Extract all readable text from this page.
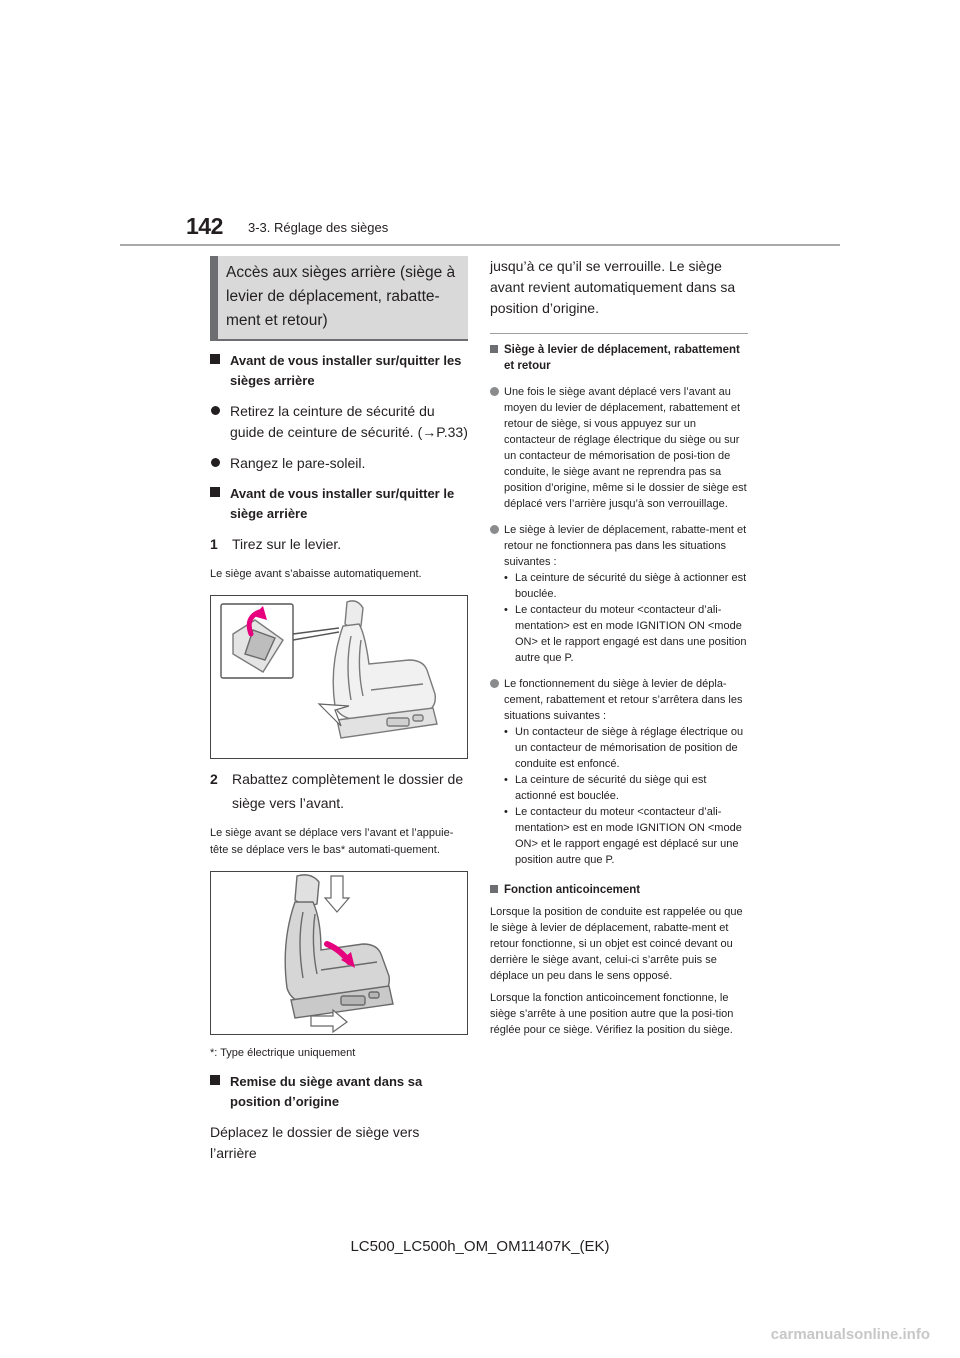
142 3-3. Réglage des sièges
Accès aux sièges arrière (siège à levier de déplacement, rabatte-ment et retour)
Avant de vous installer sur/quitter les sièges arrière
Retirez la ceinture de sécurité du guide de ceinture de sécurité. (→P.33)
Rangez le pare-soleil.
Avant de vous installer sur/quitter le siège arrière
1 Tirez sur le levier.
Le siège avant s’abaisse automatiquement.
2 Rabattez complètement le dossier de siège vers l’avant.
Le siège avant se déplace vers l’avant et l’appuie-tête se déplace vers le bas* automati-quement.
*: Type électrique uniquement
Remise du siège avant dans sa position d’origine
Déplacez le dossier de siège vers l’arrière
jusqu’à ce qu’il se verrouille. Le siège avant revient automatiquement dans sa position d’origine.
Siège à levier de déplacement, rabattement et retour
Une fois le siège avant déplacé vers l’avant au moyen du levier de déplacement, rabattement et retour de siège, si vous appuyez sur un contacteur de réglage électrique du siège ou sur un contacteur de mémorisation de posi-tion de conduite, le siège avant ne reprendra pas sa position d’origine, même si le dossier de siège est déplacé vers l’arrière jusqu’à son verrouillage.
Le siège à levier de déplacement, rabatte-ment et retour ne fonctionnera pas dans les situations suivantes :
• La ceinture de sécurité du siège à actionner est bouclée.
• Le contacteur du moteur <contacteur d’ali-mentation> est en mode IGNITION ON <mode ON> et le rapport engagé est dans une position autre que P.
Le fonctionnement du siège à levier de dépla-cement, rabattement et retour s’arrêtera dans les situations suivantes :
• Un contacteur de siège à réglage électrique ou un contacteur de mémorisation de position de conduite est enfoncé.
• La ceinture de sécurité du siège qui est actionné est bouclée.
• Le contacteur du moteur <contacteur d’ali-mentation> est en mode IGNITION ON <mode ON> et le rapport engagé est déplacé sur une position autre que P.
Fonction anticoincement
Lorsque la position de conduite est rappelée ou que le siège à levier de déplacement, rabatte-ment et retour fonctionne, si un objet est coincé devant ou derrière le siège avant, celui-ci s’arrête puis se déplace un peu dans le sens opposé.
Lorsque la fonction anticoincement fonctionne, le siège s’arrête à une position autre que la posi-tion réglée pour ce siège. Vérifiez la position du siège.
LC500_LC500h_OM_OM11407K_(EK)
carmanualsonline.info
